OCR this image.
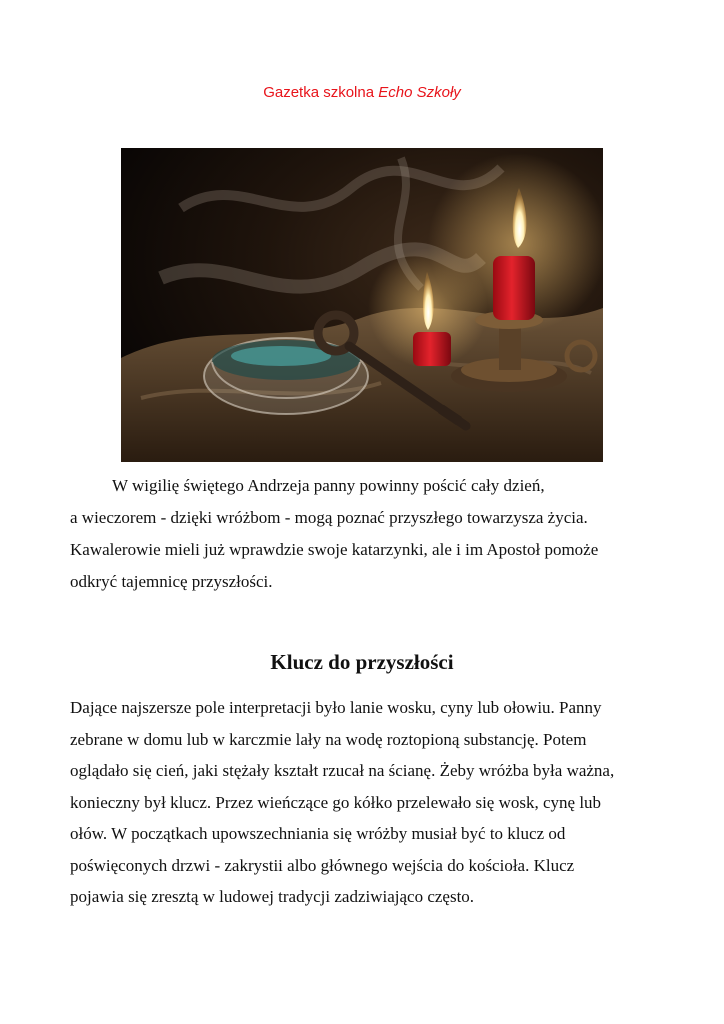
Gazetka szkolna Echo Szkoły

W wigilię świętego Andrzeja panny powinny pościć cały dzień,

a wieczorem - dzięki wróżbom - mogą poznać przyszłego towarzysza życia.

Kawalerowie mieli już wprawdzie swoje katarzynki, ale i im Apostoł pomoże

odkryć tajemnicę przyszłości.

Klucz do przyszłości

Dające najszersze pole interpretacji było lanie wosku, cyny lub ołowiu. Panny

zebrane w domu lub w karczmie lały na wodę roztopioną substancję. Potem

oglądało się cień, jaki stężały kształt rzucał na ścianę. Żeby wróżba była ważna,

konieczny był klucz. Przez wieńczące go kółko przelewało się wosk, cynę lub

ołów. W początkach upowszechniania się wróżby musiał być to klucz od

poświęconych drzwi - zakrystii albo głównego wejścia do kościoła. Klucz

pojawia się zresztą w ludowej tradycji zadziwiająco często.
